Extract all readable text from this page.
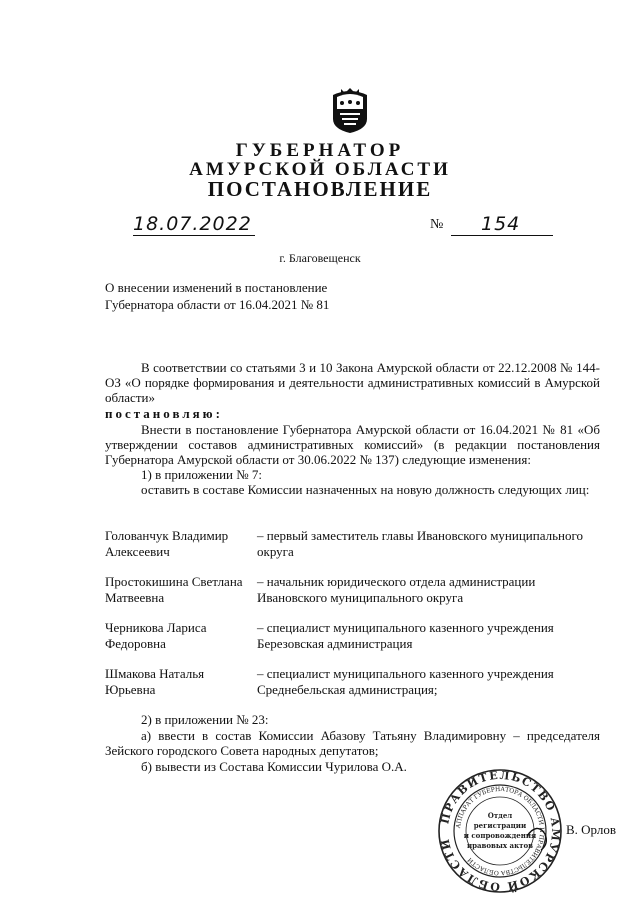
ГУБЕРНАТОР
АМУРСКОЙ ОБЛАСТИ
ПОСТАНОВЛЕНИЕ
18.07.2022	№	154
г. Благовещенск
О внесении изменений в постановление Губернатора области от 16.04.2021 № 81
В соответствии со статьями 3 и 10 Закона Амурской области от 22.12.2008 № 144-ОЗ «О порядке формирования и деятельности административных комиссий в Амурской области»
постановляю:
Внести в постановление Губернатора Амурской области от 16.04.2021 № 81 «Об утверждении составов административных комиссий» (в редакции постановления Губернатора Амурской области от 30.06.2022 № 137) следующие изменения:
1) в приложении № 7:
оставить в составе Комиссии назначенных на новую должность следующих лиц:
Голованчук Владимир Алексеевич
– первый заместитель главы Ивановского муниципального округа
Простокишина Светлана Матвеевна
– начальник юридического отдела администрации Ивановского муниципального округа
Черникова Лариса Федоровна
– специалист муниципального казенного учреждения Березовская администрация
Шмакова Наталья Юрьевна
– специалист муниципального казенного учреждения Среднебельская администрация;
2) в приложении № 23:
а) ввести в состав Комиссии Абазову Татьяну Владимировну – председателя Зейского городского Совета народных депутатов;
б) вывести из Состава Комиссии Чурилова О.А.
ПРАВИТЕЛЬСТВО АМУРСКОЙ ОБЛАСТИ
АППАРАТ ГУБЕРНАТОРА ОБЛАСТИ И ПРАВИТЕЛЬСТВА ОБЛАСТИ
Отдел
регистрации
и сопровождения
правовых актов
В. Орлов
